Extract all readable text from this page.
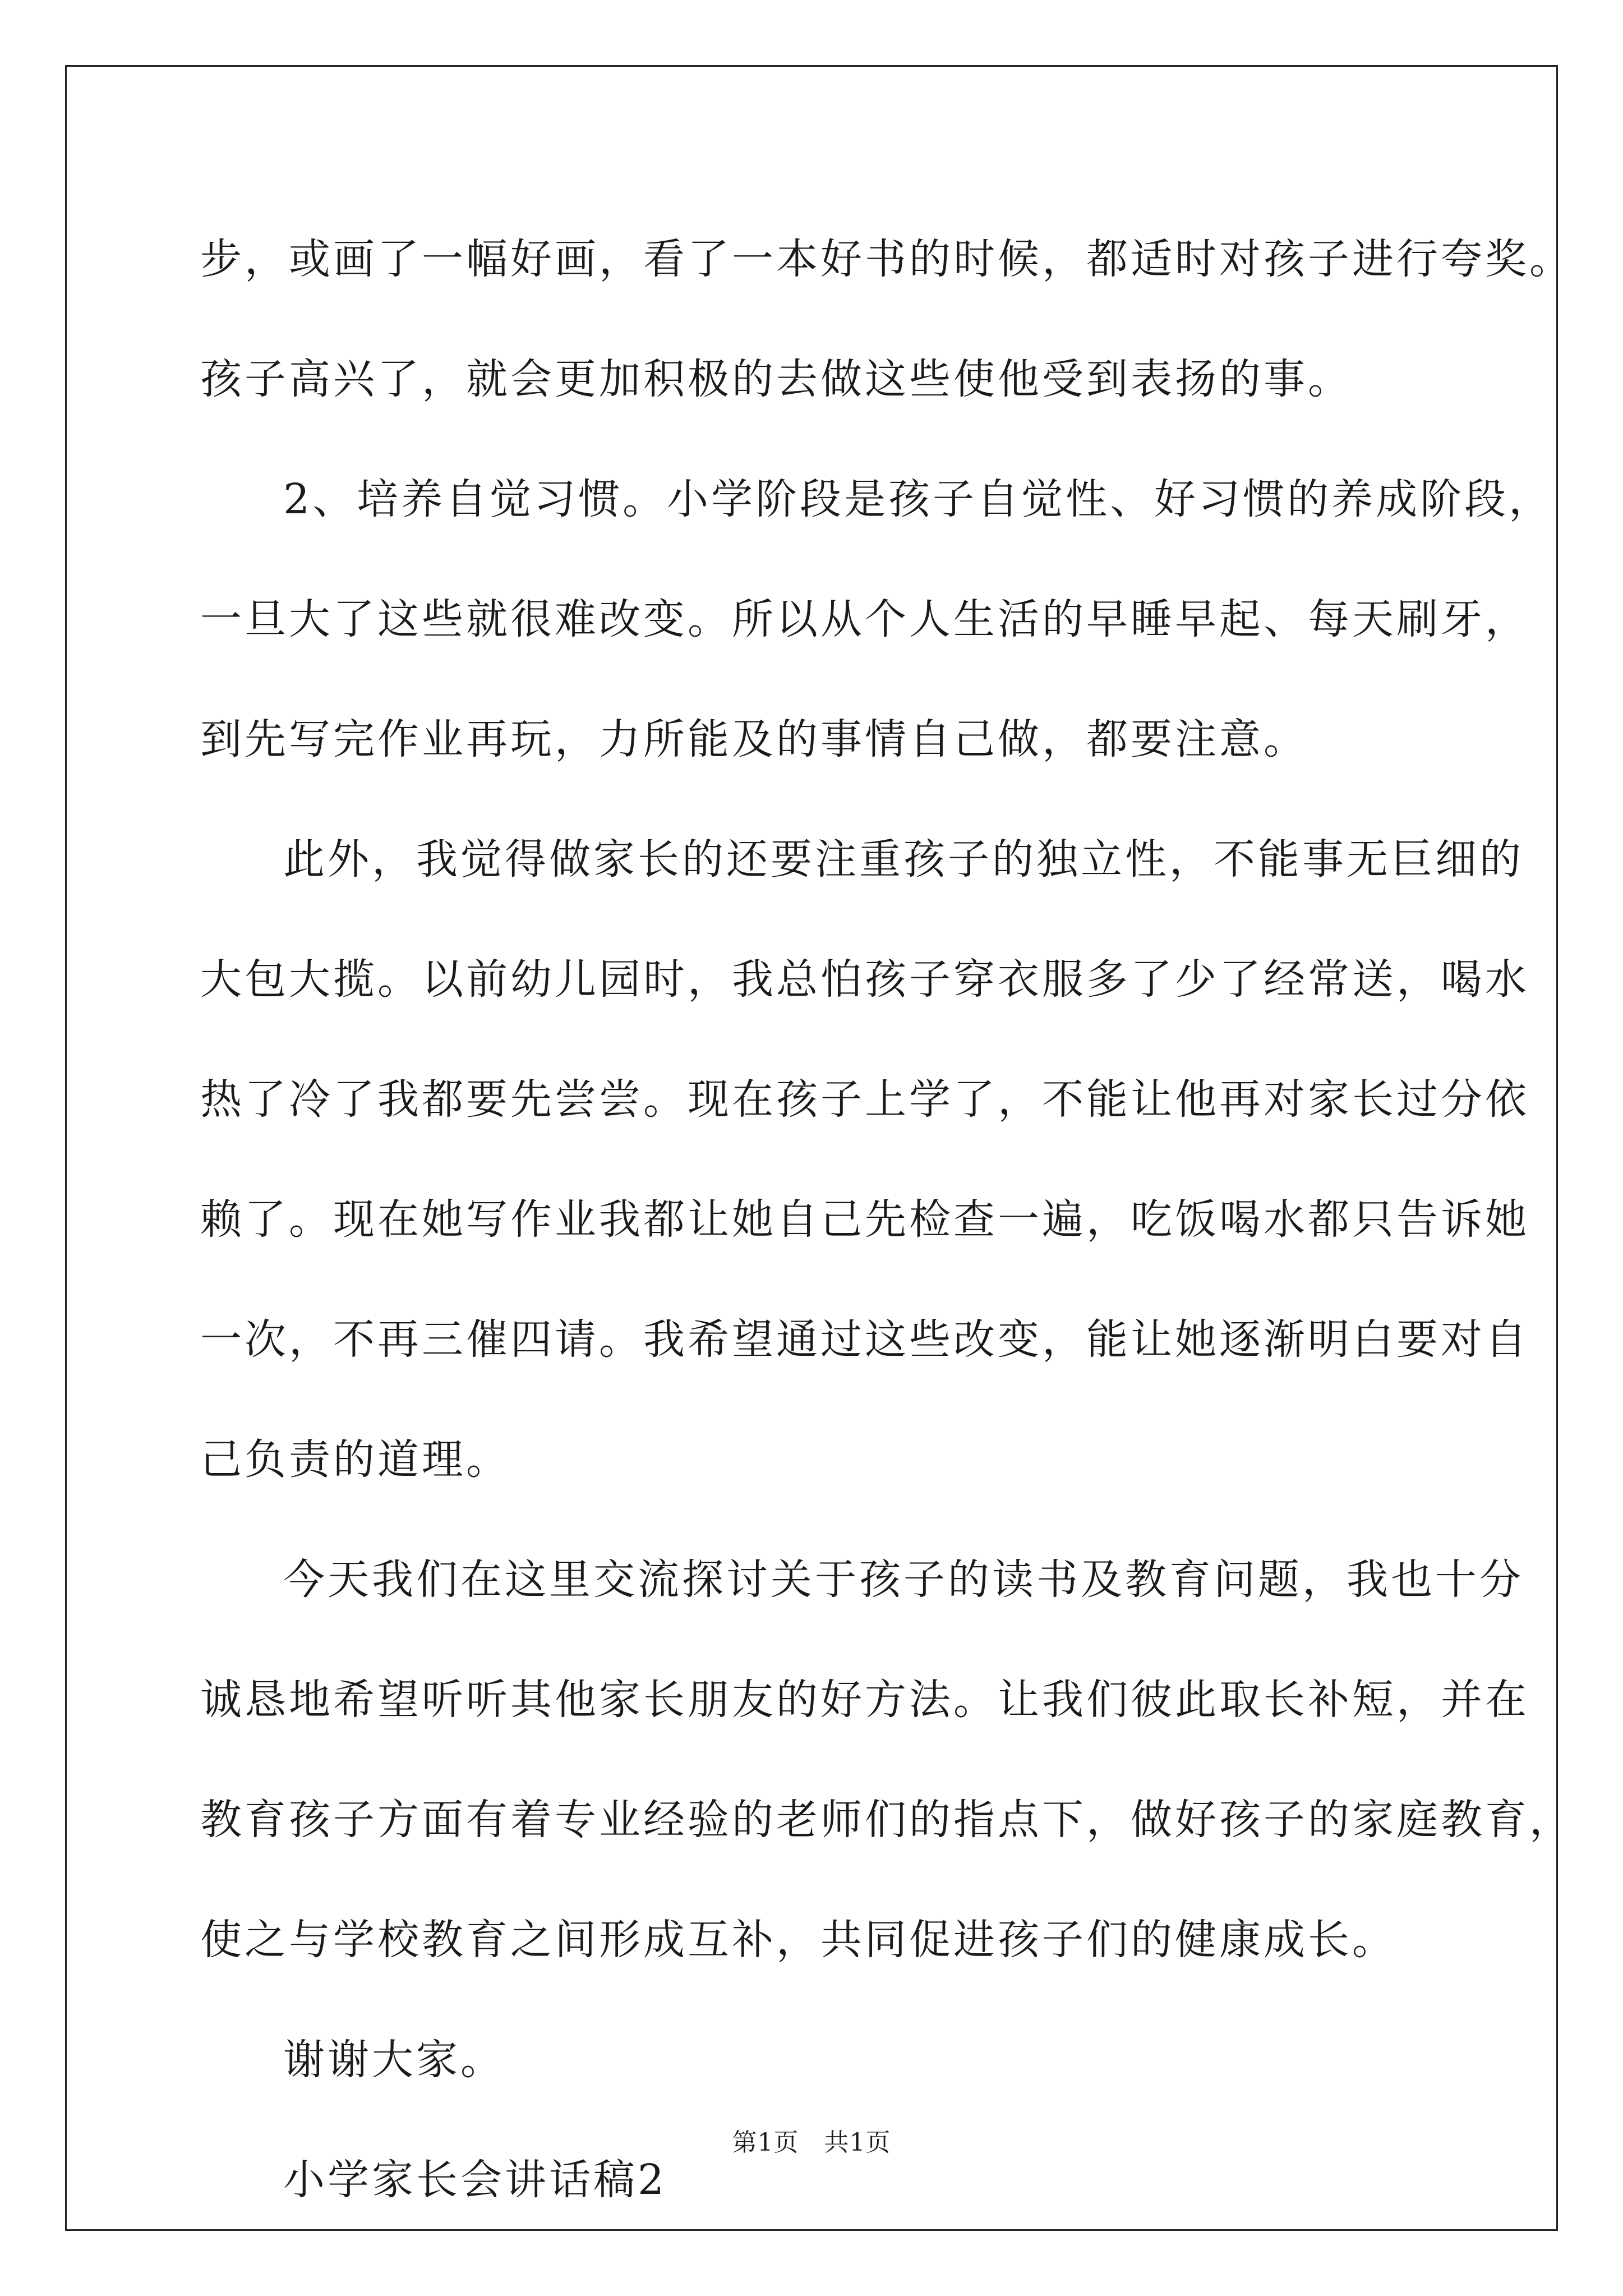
步，或画了一幅好画，看了一本好书的时候，都适时对孩子进行夸奖。
孩子高兴了，就会更加积极的去做这些使他受到表扬的事。
2、培养自觉习惯。小学阶段是孩子自觉性、好习惯的养成阶段，
一旦大了这些就很难改变。所以从个人生活的早睡早起、每天刷牙，
到先写完作业再玩，力所能及的事情自己做，都要注意。
此外，我觉得做家长的还要注重孩子的独立性，不能事无巨细的
大包大揽。以前幼儿园时，我总怕孩子穿衣服多了少了经常送，喝水
热了冷了我都要先尝尝。现在孩子上学了，不能让他再对家长过分依
赖了。现在她写作业我都让她自己先检查一遍，吃饭喝水都只告诉她
一次，不再三催四请。我希望通过这些改变，能让她逐渐明白要对自
己负责的道理。
今天我们在这里交流探讨关于孩子的读书及教育问题，我也十分
诚恳地希望听听其他家长朋友的好方法。让我们彼此取长补短，并在
教育孩子方面有着专业经验的老师们的指点下，做好孩子的家庭教育，
使之与学校教育之间形成互补，共同促进孩子们的健康成长。
谢谢大家。
小学家长会讲话稿2
第1页　共1页
